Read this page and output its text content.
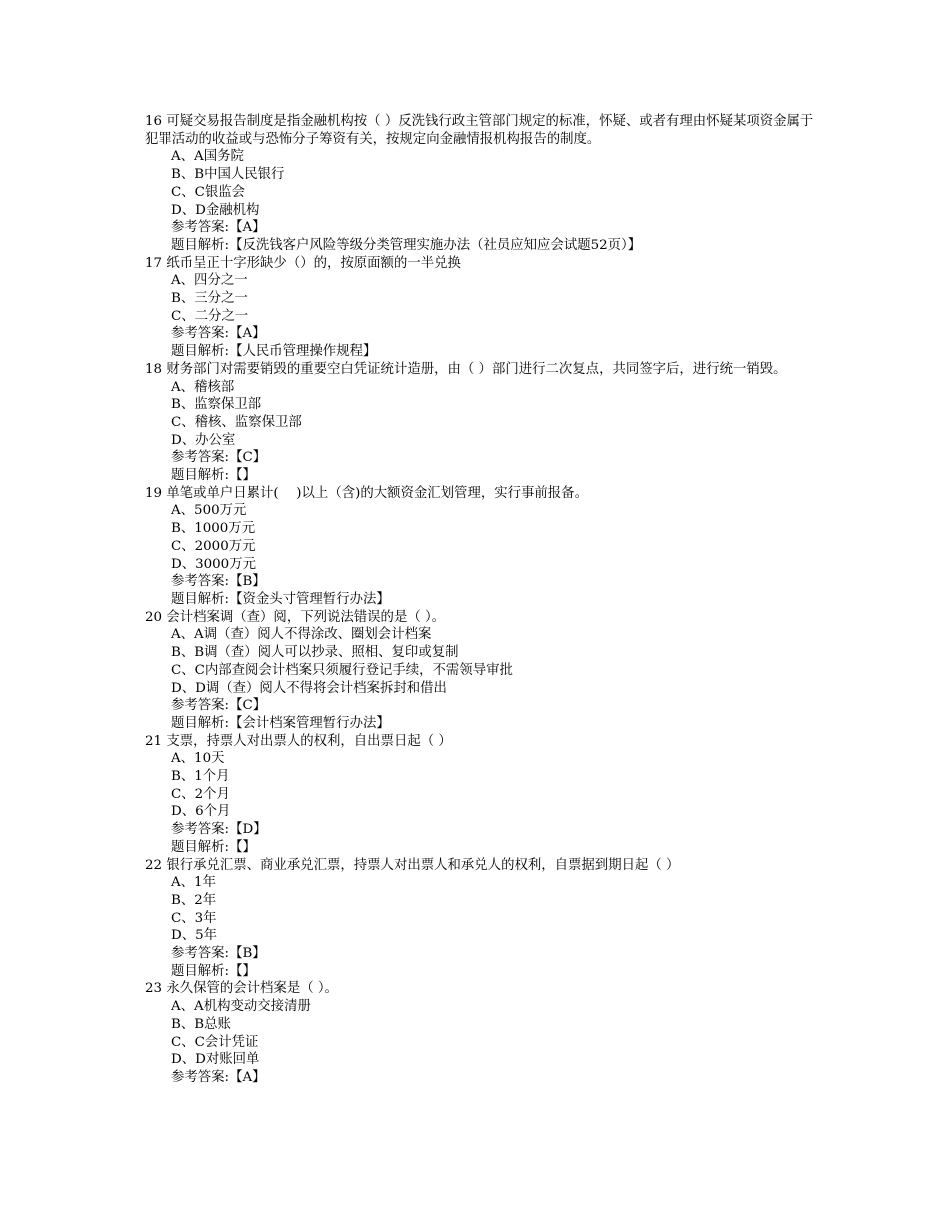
16 可疑交易报告制度是指金融机构按（ ）反洗钱行政主管部门规定的标准，怀疑、或者有理由怀疑某项资金属于犯罪活动的收益或与恐怖分子筹资有关，按规定向金融情报机构报告的制度。
A、A国务院
B、B中国人民银行
C、C银监会
D、D金融机构
参考答案:【A】
题目解析:【反洗钱客户风险等级分类管理实施办法（社员应知应会试题52页）】
17 纸币呈正十字形缺少（）的，按原面额的一半兑换
A、四分之一
B、三分之一
C、二分之一
参考答案:【A】
题目解析:【人民币管理操作规程】
18 财务部门对需要销毁的重要空白凭证统计造册，由（ ）部门进行二次复点，共同签字后，进行统一销毁。
A、稽核部
B、监察保卫部
C、稽核、监察保卫部
D、办公室
参考答案:【C】
题目解析:【】
19 单笔或单户日累计(　 )以上（含)的大额资金汇划管理，实行事前报备。
A、500万元
B、1000万元
C、2000万元
D、3000万元
参考答案:【B】
题目解析:【资金头寸管理暂行办法】
20 会计档案调（查）阅，下列说法错误的是（ ）。
A、A调（查）阅人不得涂改、圈划会计档案
B、B调（查）阅人可以抄录、照相、复印或复制
C、C内部查阅会计档案只须履行登记手续，不需领导审批
D、D调（查）阅人不得将会计档案拆封和借出
参考答案:【C】
题目解析:【会计档案管理暂行办法】
21 支票，持票人对出票人的权利，自出票日起（ ）
A、10天
B、1个月
C、2个月
D、6个月
参考答案:【D】
题目解析:【】
22 银行承兑汇票、商业承兑汇票，持票人对出票人和承兑人的权利，自票据到期日起（ ）
A、1年
B、2年
C、3年
D、5年
参考答案:【B】
题目解析:【】
23 永久保管的会计档案是（ ）。
A、A机构变动交接清册
B、B总账
C、C会计凭证
D、D对账回单
参考答案:【A】
